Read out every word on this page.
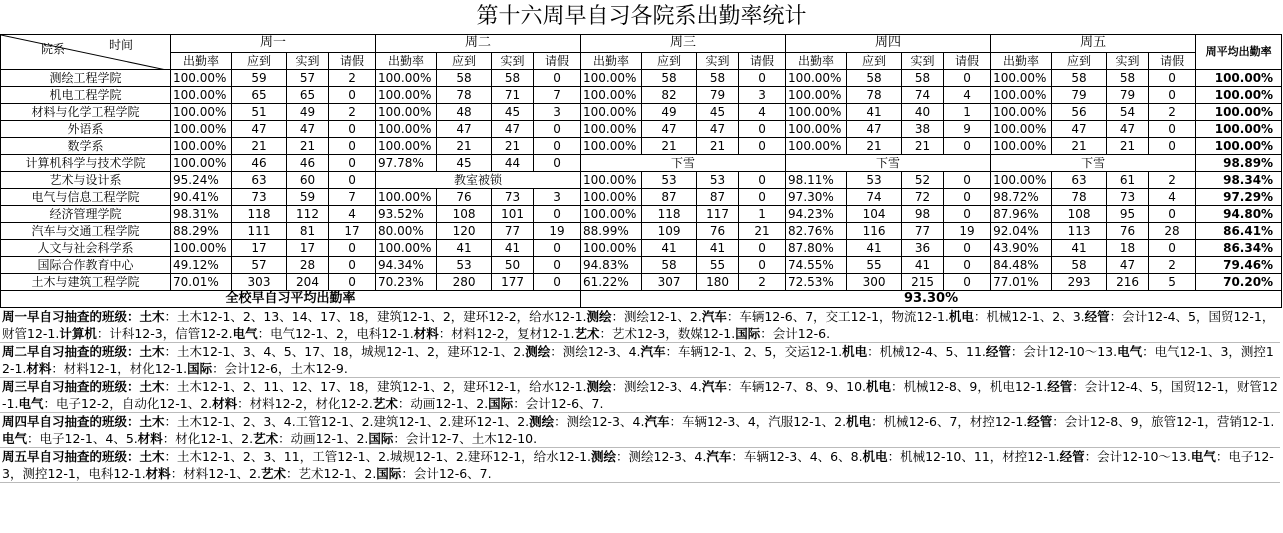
第十六周早自习各院系出勤率统计
院系 时间	周一				周二				周三				周四				周五				周平均出勤率
	出勤率	应到	实到	请假	出勤率	应到	实到	请假	出勤率	应到	实到	请假	出勤率	应到	实到	请假	出勤率	应到	实到	请假	
测绘工程学院	100.00%	59	57	2	100.00%	58	58	0	100.00%	58	58	0	100.00%	58	58	0	100.00%	58	58	0	100.00%
机电工程学院	100.00%	65	65	0	100.00%	78	71	7	100.00%	82	79	3	100.00%	78	74	4	100.00%	79	79	0	100.00%
材料与化学工程学院	100.00%	51	49	2	100.00%	48	45	3	100.00%	49	45	4	100.00%	41	40	1	100.00%	56	54	2	100.00%
外语系	100.00%	47	47	0	100.00%	47	47	0	100.00%	47	47	0	100.00%	47	38	9	100.00%	47	47	0	100.00%
数学系	100.00%	21	21	0	100.00%	21	21	0	100.00%	21	21	0	100.00%	21	21	0	100.00%	21	21	0	100.00%
计算机科学与技术学院	100.00%	46	46	0	97.78%	45	44	0	下雪				下雪				下雪				98.89%
艺术与设计系	95.24%	63	60	0	教室被锁				100.00%	53	53	0	98.11%	53	52	0	100.00%	63	61	2	98.34%
电气与信息工程学院	90.41%	73	59	7	100.00%	76	73	3	100.00%	87	87	0	97.30%	74	72	0	98.72%	78	73	4	97.29%
经济管理学院	98.31%	118	112	4	93.52%	108	101	0	100.00%	118	117	1	94.23%	104	98	0	87.96%	108	95	0	94.80%
汽车与交通工程学院	88.29%	111	81	17	80.00%	120	77	19	88.99%	109	76	21	82.76%	116	77	19	92.04%	113	76	28	86.41%
人文与社会科学系	100.00%	17	17	0	100.00%	41	41	0	100.00%	41	41	0	87.80%	41	36	0	43.90%	41	18	0	86.34%
国际合作教育中心	49.12%	57	28	0	94.34%	53	50	0	94.83%	58	55	0	74.55%	55	41	0	84.48%	58	47	2	79.46%
土木与建筑工程学院	70.01%	303	204	0	70.23%	280	177	0	61.22%	307	180	2	72.53%	300	215	0	77.01%	293	216	5	70.20%
全校早自习平均出勤率									93.30%												
周一早自习抽查的班级：土木：土木12-1、2、13、14、17、18，建筑12-1、2，建环12-2，给水12-1.测绘：测绘12-1、2.汽车：车辆12-6、7，交工12-1，物流12-1.机电：机械12-1、2、3.经管：会计12-4、5，国贸12-1，财管12-1.计算机：计科12-3，信管12-2.电气：电气12-1、2，电科12-1.材料：材料12-2，复材12-1.艺术：艺术12-3，数媒12-1.国际：会计12-6.
周二早自习抽查的班级：土木：土木12-1、3、4、5、17、18，城规12-1、2，建环12-1、2.测绘：测绘12-3、4.汽车：车辆12-1、2、5，交运12-1.机电：机械12-4、5、11.经管：会计12-10～13.电气：电气12-1、3，测控12-1.材料：材料12-1，材化12-1.国际：会计12-6，土木12-9.
周三早自习抽查的班级：土木：土木12-1、2、11、12、17、18，建筑12-1、2，建环12-1，给水12-1.测绘：测绘12-3、4.汽车：车辆12-7、8、9、10.机电：机械12-8、9，机电12-1.经管：会计12-4、5，国贸12-1，财管12-1.电气：电子12-2，自动化12-1、2.材料：材料12-2，材化12-2.艺术：动画12-1、2.国际：会计12-6、7.
周四早自习抽查的班级：土木：土木12-1、2、3、4.工管12-1、2.建筑12-1、2.建环12-1、2.测绘：测绘12-3、4.汽车：车辆12-3、4，汽服12-1、2.机电：机械12-6、7，材控12-1.经管：会计12-8、9，旅管12-1，营销12-1.电气：电子12-1、4、5.材料：材化12-1、2.艺术：动画12-1、2.国际：会计12-7、土木12-10.
周五早自习抽查的班级：土木：土木12-1、2、3、11，工管12-1、2.城规12-1、2.建环12-1，给水12-1.测绘：测绘12-3、4.汽车：车辆12-3、4、6、8.机电：机械12-10、11，材控12-1.经管：会计12-10～13.电气：电子12-3，测控12-1，电科12-1.材料：材料12-1、2.艺术：艺术12-1、2.国际：会计12-6、7.
